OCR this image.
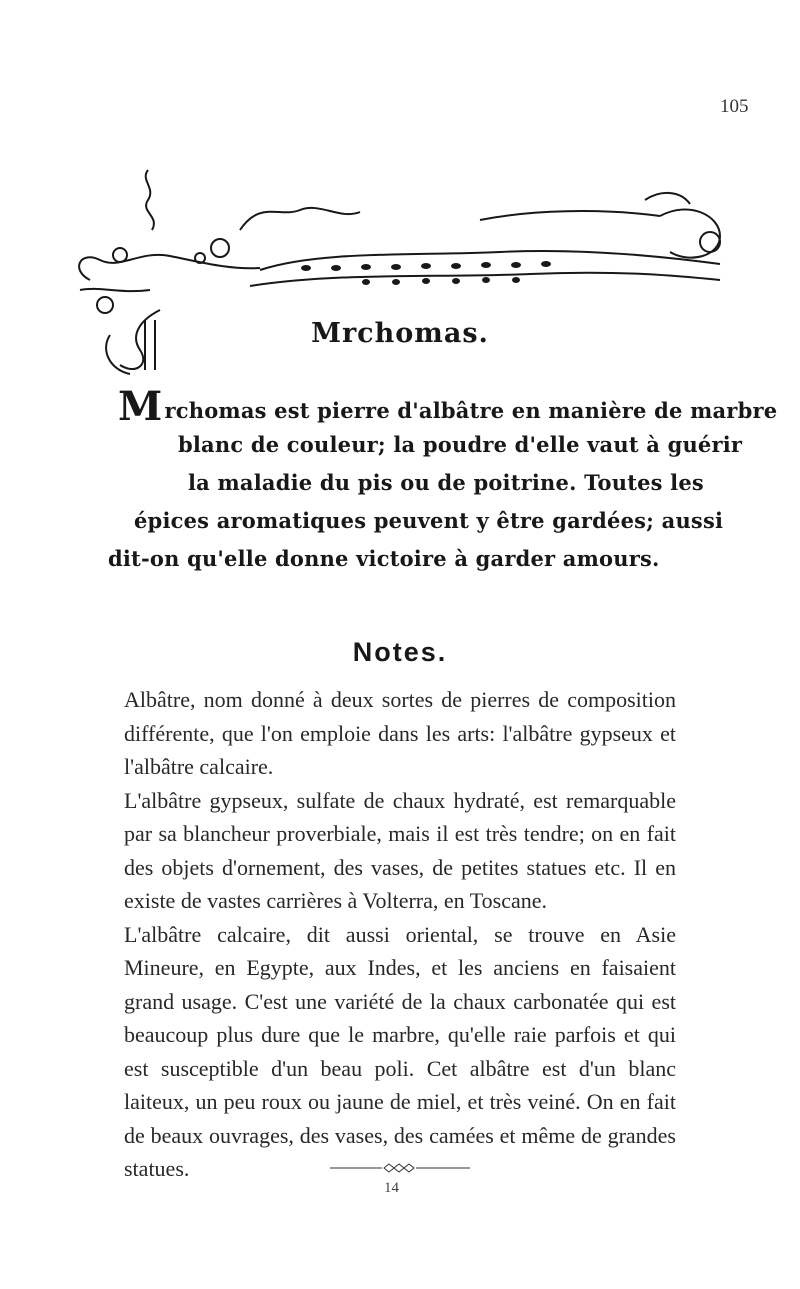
105
Mrchomas.
Mrchomas est pierre d'albâtre en manière de marbre
blanc de couleur; la poudre d'elle vaut à guérir
la maladie du pis ou de poitrine. Toutes les
épices aromatiques peuvent y être gardées; aussi
dit-on qu'elle donne victoire à garder amours.
Notes.

Albâtre, nom donné à deux sortes de pierres de composition différente, que l'on emploie dans les arts: l'albâtre gypseux et l'albâtre calcaire.

L'albâtre gypseux, sulfate de chaux hydraté, est remarquable par sa blancheur proverbiale, mais il est très tendre; on en fait des objets d'ornement, des vases, de petites statues etc. Il en existe de vastes carrières à Volterra, en Toscane.

L'albâtre calcaire, dit aussi oriental, se trouve en Asie Mineure, en Egypte, aux Indes, et les anciens en faisaient grand usage. C'est une variété de la chaux carbonatée qui est beaucoup plus dure que le marbre, qu'elle raie parfois et qui est susceptible d'un beau poli. Cet albâtre est d'un blanc laiteux, un peu roux ou jaune de miel, et très veiné. On en fait de beaux ouvrages, des vases, des camées et même de grandes statues.

14
